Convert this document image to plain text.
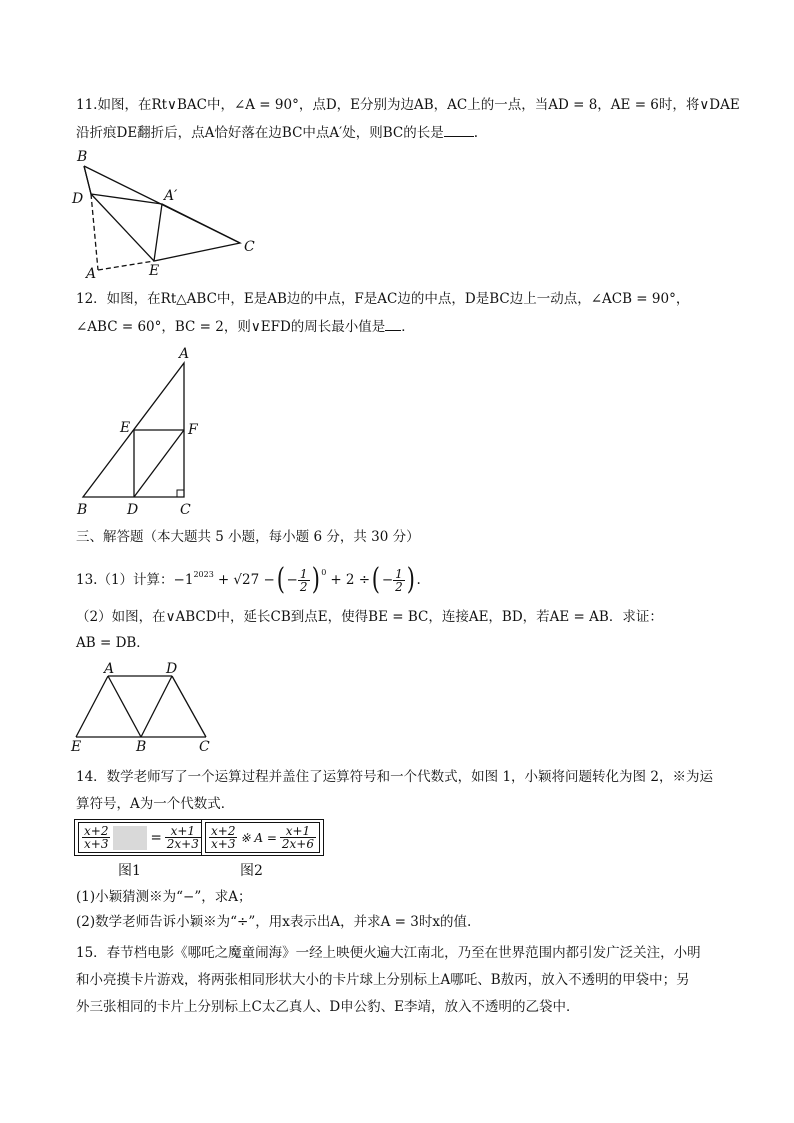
11.如图，在Rt∨BAC中，∠A = 90°，点D，E分别为边AB，AC上的一点，当AD = 8，AE = 6时，将∨DAE
沿折痕DE翻折后，点A恰好落在边BC中点A′处，则BC的长是 .
B
D	A′
C
A	E
12．如图，在Rt△ABC中，E是AB边的中点，F是AC边的中点，D是BC边上一动点，∠ACB = 90°，
∠ABC = 60°，BC = 2，则∨EFD的周长最小值是 ．
A
E	F
B	D	C
三、解答题（本大题共 5 小题，每小题 6 分，共 30 分）
13.（1）计算：$-1^{2023} + √27$ − ( − $\frac{1}{2} )^0 + 2$ ÷ ( − $\frac{1}{2}$ ) .
（2）如图，在∨ABCD中，延长CB到点E，使得BE = BC，连接AE，BD，若AE = AB．求证：
AB = DB．
A	D
E	B	C
14．数学老师写了一个运算过程并盖住了运算符号和一个代数式，如图 1，小颖将问题转化为图 2，※为运
算符号，A为一个代数式．
$\frac{x+2}{x+3}$	= $\frac{x+1}{2x+3}$
图1
$\frac{x+2}{x+3}$ ※ $A = \frac{x+1}{2x+6}$
图2
(1)小颖猜测※为“−”，求A；
(2)数学老师告诉小颖※为“÷”，用x表示出A，并求A = 3时x的值.
15．春节档电影《哪吒之魔童闹海》一经上映便火遍大江南北，乃至在世界范围内都引发广泛关注，小明
和小亮摸卡片游戏，将两张相同形状大小的卡片球上分别标上A哪吒、B敖丙，放入不透明的甲袋中；另
外三张相同的卡片上分别标上C太乙真人、D申公豹、E李靖，放入不透明的乙袋中．
